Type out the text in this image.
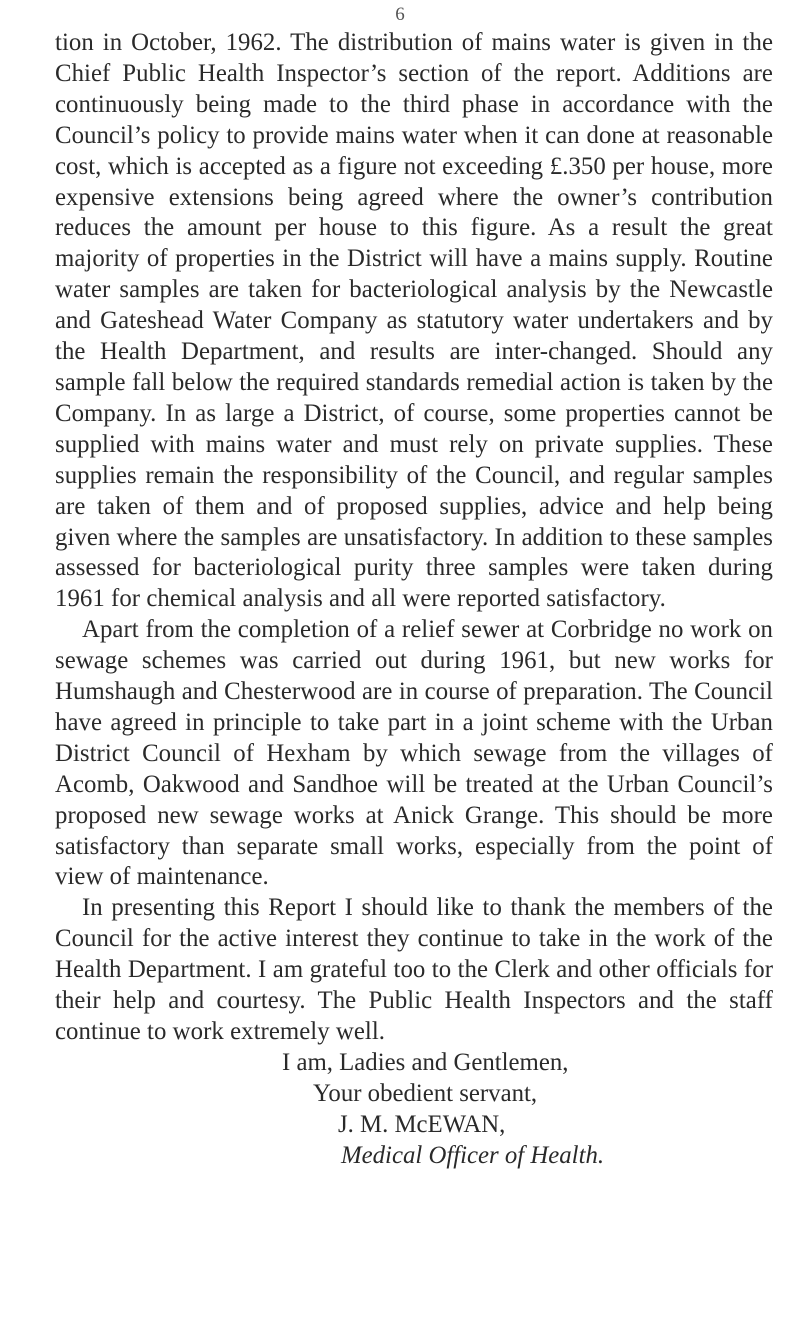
6

tion in October, 1962. The distribution of mains water is given in the Chief Public Health Inspector’s section of the report. Additions are continuously being made to the third phase in accordance with the Council’s policy to provide mains water when it can done at reasonable cost, which is accepted as a figure not exceeding £.350 per house, more expensive extensions being agreed where the owner’s contribution reduces the amount per house to this figure. As a result the great majority of properties in the District will have a mains supply. Routine water samples are taken for bacteriological analysis by the Newcastle and Gateshead Water Company as statutory water undertakers and by the Health Department, and results are inter-changed. Should any sample fall below the required standards remedial action is taken by the Company. In as large a District, of course, some properties cannot be supplied with mains water and must rely on private supplies. These supplies remain the responsibility of the Council, and regular samples are taken of them and of proposed supplies, advice and help being given where the samples are unsatisfactory. In addition to these samples assessed for bacteriological purity three samples were taken during 1961 for chemical analysis and all were reported satisfactory.

Apart from the completion of a relief sewer at Corbridge no work on sewage schemes was carried out during 1961, but new works for Humshaugh and Chesterwood are in course of preparation. The Council have agreed in principle to take part in a joint scheme with the Urban District Council of Hexham by which sewage from the villages of Acomb, Oakwood and Sandhoe will be treated at the Urban Council’s proposed new sewage works at Anick Grange. This should be more satisfactory than separate small works, especially from the point of view of maintenance.

In presenting this Report I should like to thank the members of the Council for the active interest they continue to take in the work of the Health Department. I am grateful too to the Clerk and other officials for their help and courtesy. The Public Health Inspectors and the staff continue to work extremely well.

I am, Ladies and Gentlemen,
Your obedient servant,
J. M. McEWAN,
Medical Officer of Health.
